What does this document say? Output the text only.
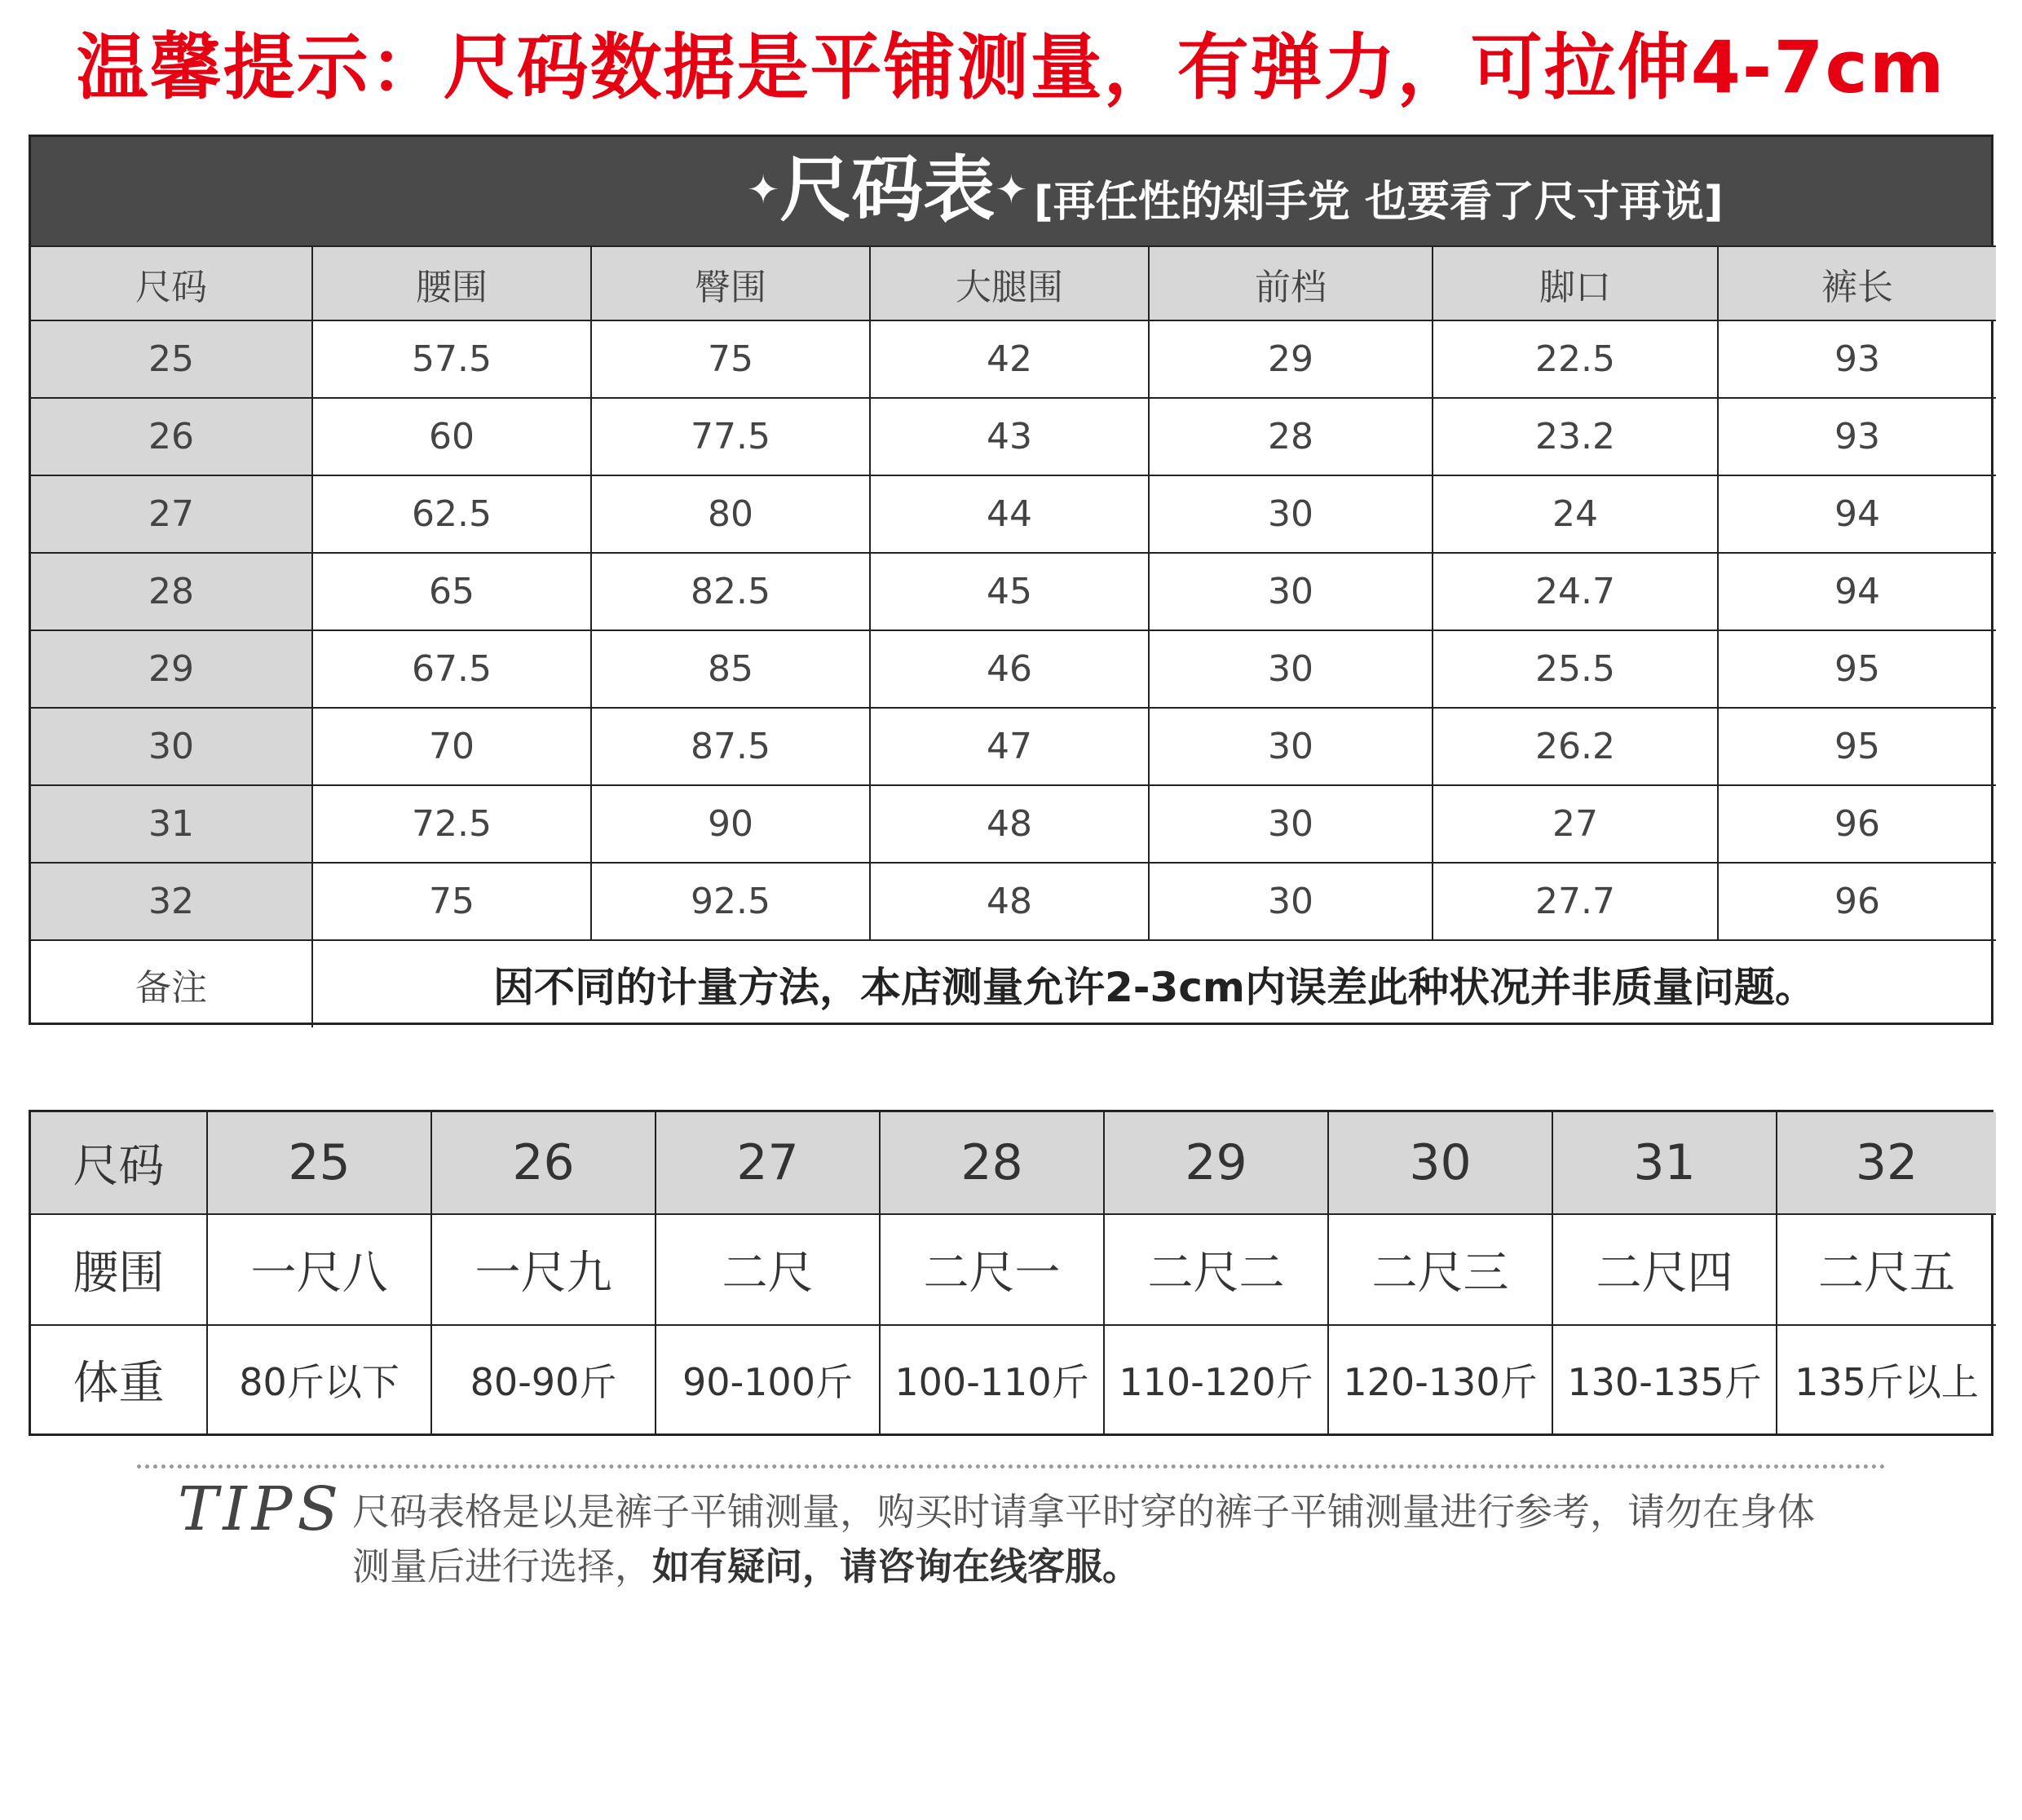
温馨提示：尺码数据是平铺测量，有弹力，可拉伸4-7cm
✦尺码表✦ [再任性的剁手党 也要看了尺寸再说]
尺码	腰围	臀围	大腿围	前档	脚口	裤长
25	57.5	75	42	29	22.5	93
26	60	77.5	43	28	23.2	93
27	62.5	80	44	30	24	94
28	65	82.5	45	30	24.7	94
29	67.5	85	46	30	25.5	95
30	70	87.5	47	30	26.2	95
31	72.5	90	48	30	27	96
32	75	92.5	48	30	27.7	96
备注	因不同的计量方法，本店测量允许2-3cm内误差此种状况并非质量问题。
尺码	25	26	27	28	29	30	31	32
腰围	一尺八	一尺九	二尺	二尺一	二尺二	二尺三	二尺四	二尺五
体重	80斤以下	80-90斤	90-100斤	100-110斤 110-120斤 120-130斤 130-135斤 135斤以上
TIPS 尺码表格是以是裤子平铺测量，购买时请拿平时穿的裤子平铺测量进行参考，请勿在身体
测量后进行选择，如有疑问，请咨询在线客服。
